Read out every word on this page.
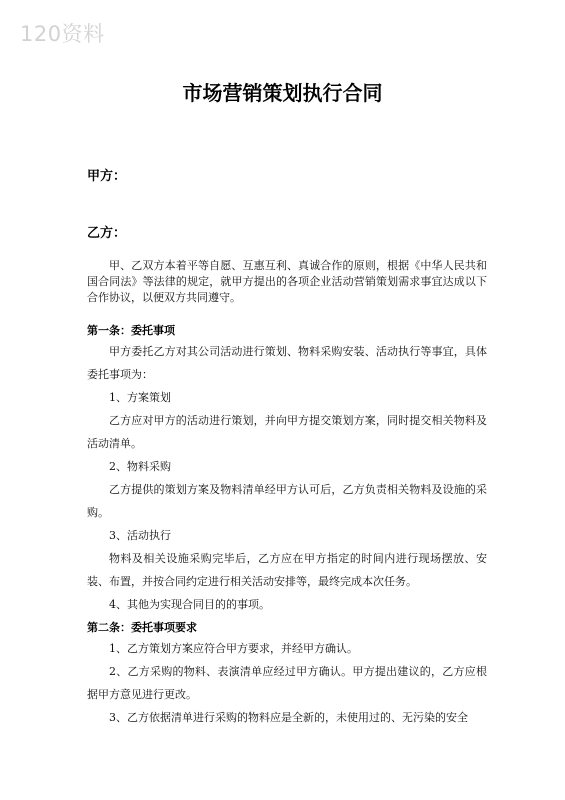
120资料
市场营销策划执行合同
甲方：
乙方：

甲、乙双方本着平等自愿、互惠互利、真诚合作的原则，根据《中华人民共和国合同法》等法律的规定，就甲方提出的各项企业活动营销策划需求事宜达成以下合作协议，以便双方共同遵守。

第一条：委托事项

甲方委托乙方对其公司活动进行策划、物料采购安装、活动执行等事宜，具体委托事项为：

1、方案策划

乙方应对甲方的活动进行策划，并向甲方提交策划方案，同时提交相关物料及活动清单。

2、物料采购

乙方提供的策划方案及物料清单经甲方认可后，乙方负责相关物料及设施的采购。

3、活动执行

物料及相关设施采购完毕后，乙方应在甲方指定的时间内进行现场摆放、安装、布置，并按合同约定进行相关活动安排等，最终完成本次任务。

4、其他为实现合同目的的事项。

第二条：委托事项要求

1、乙方策划方案应符合甲方要求，并经甲方确认。

2、乙方采购的物料、表演清单应经过甲方确认。甲方提出建议的，乙方应根据甲方意见进行更改。

3、乙方依据清单进行采购的物料应是全新的，未使用过的、无污染的安全
